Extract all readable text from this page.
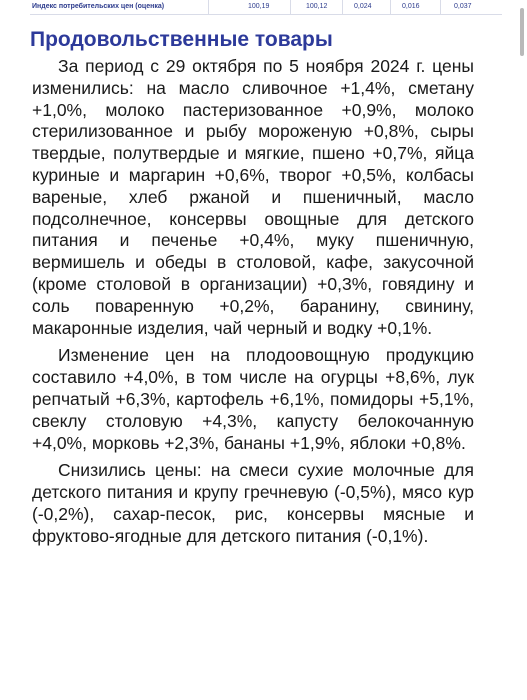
Индекс потребительских цен (оценка)	100,19	100,12	0,024	0,016	0,037
Продовольственные товары

За период с 29 октября по 5 ноября 2024 г. цены изменились: на масло сливочное +1,4%, сметану +1,0%, молоко пастеризованное +0,9%, молоко стерилизованное и рыбу мороженую +0,8%, сыры твердые, полутвердые и мягкие, пшено +0,7%, яйца куриные и маргарин +0,6%, творог +0,5%, колбасы вареные, хлеб ржаной и пшеничный, масло подсолнечное, консервы овощные для детского питания и печенье +0,4%, муку пшеничную, вермишель и обеды в столовой, кафе, закусочной (кроме столовой в организации) +0,3%, говядину и соль поваренную +0,2%, баранину, свинину, макаронные изделия, чай черный и водку +0,1%.

Изменение цен на плодоовощную продукцию составило +4,0%, в том числе на огурцы +8,6%, лук репчатый +6,3%, картофель +6,1%, помидоры +5,1%, свеклу столовую +4,3%, капусту белокочанную +4,0%, морковь +2,3%, бананы +1,9%, яблоки +0,8%.

Снизились цены: на смеси сухие молочные для детского питания и крупу гречневую (-0,5%), мясо кур (-0,2%), сахар-песок, рис, консервы мясные и фруктово-ягодные для детского питания (-0,1%).
